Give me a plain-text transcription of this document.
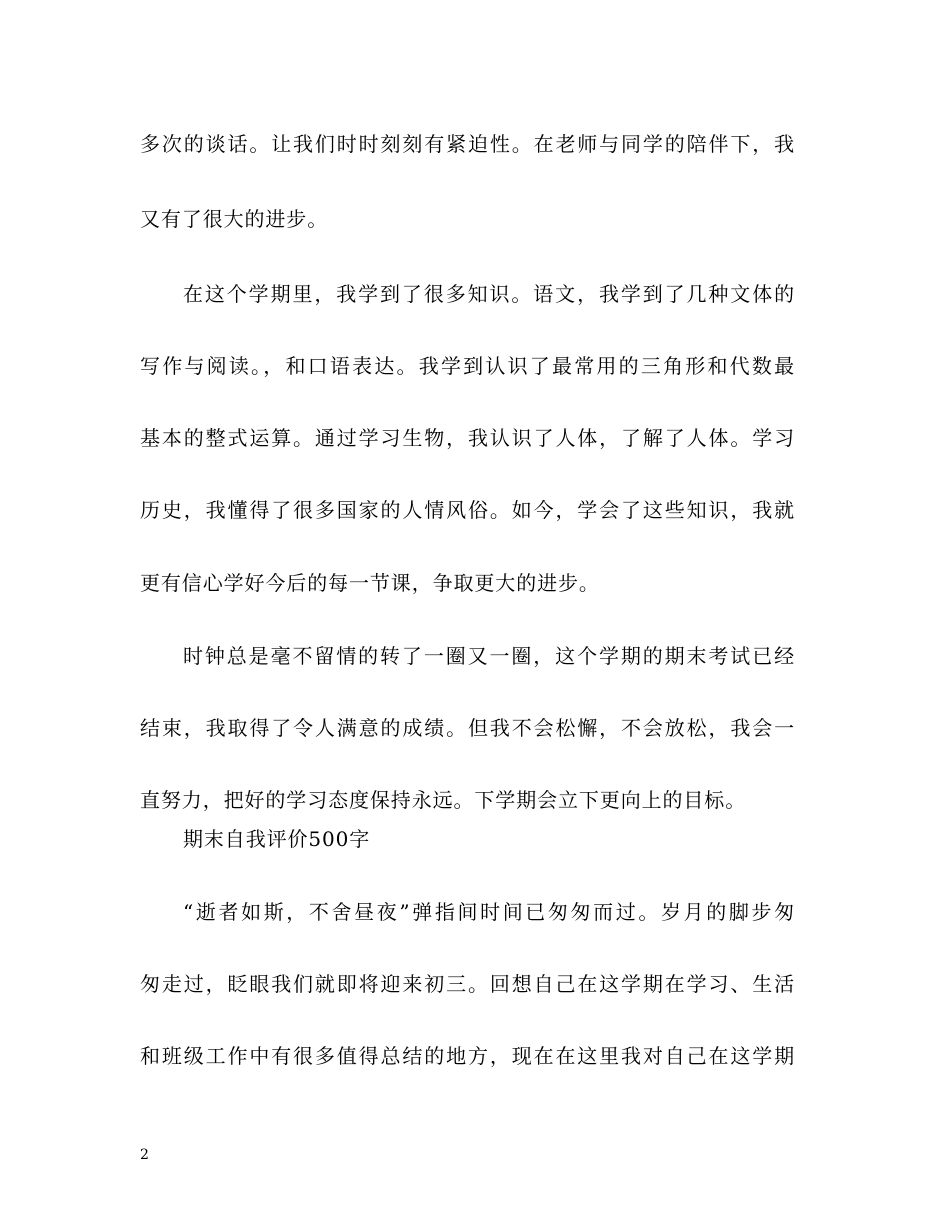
多次的谈话。让我们时时刻刻有紧迫性。在老师与同学的陪伴下，我
又有了很大的进步。
在这个学期里，我学到了很多知识。语文，我学到了几种文体的
写作与阅读。，和口语表达。我学到认识了最常用的三角形和代数最
基本的整式运算。通过学习生物，我认识了人体，了解了人体。学习
历史，我懂得了很多国家的人情风俗。如今，学会了这些知识，我就
更有信心学好今后的每一节课，争取更大的进步。
时钟总是毫不留情的转了一圈又一圈，这个学期的期末考试已经
结束，我取得了令人满意的成绩。但我不会松懈，不会放松，我会一
直努力，把好的学习态度保持永远。下学期会立下更向上的目标。
期末自我评价500字
“逝者如斯，不舍昼夜”弹指间时间已匆匆而过。岁月的脚步匆
匆走过，眨眼我们就即将迎来初三。回想自己在这学期在学习、生活
和班级工作中有很多值得总结的地方，现在在这里我对自己在这学期
2
